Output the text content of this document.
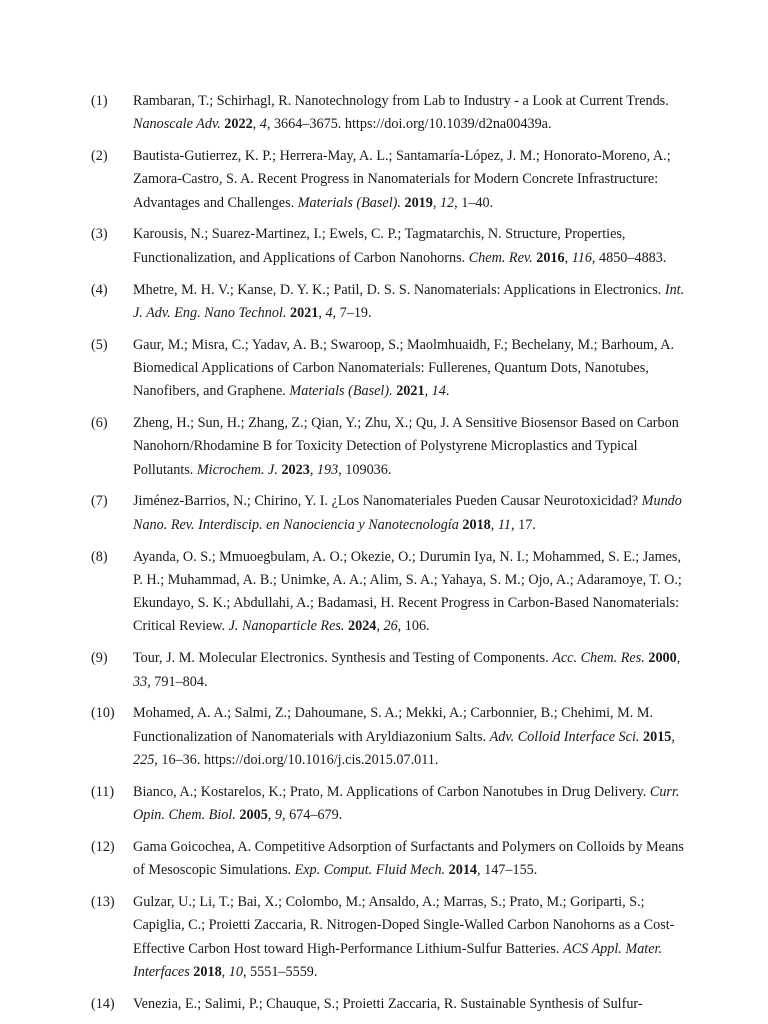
(1)	Rambaran, T.; Schirhagl, R. Nanotechnology from Lab to Industry - a Look at Current Trends. Nanoscale Adv. 2022, 4, 3664–3675. https://doi.org/10.1039/d2na00439a.
(2)	Bautista-Gutierrez, K. P.; Herrera-May, A. L.; Santamaría-López, J. M.; Honorato-Moreno, A.; Zamora-Castro, S. A. Recent Progress in Nanomaterials for Modern Concrete Infrastructure: Advantages and Challenges. Materials (Basel). 2019, 12, 1–40.
(3)	Karousis, N.; Suarez-Martinez, I.; Ewels, C. P.; Tagmatarchis, N. Structure, Properties, Functionalization, and Applications of Carbon Nanohorns. Chem. Rev. 2016, 116, 4850–4883.
(4)	Mhetre, M. H. V.; Kanse, D. Y. K.; Patil, D. S. S. Nanomaterials: Applications in Electronics. Int. J. Adv. Eng. Nano Technol. 2021, 4, 7–19.
(5)	Gaur, M.; Misra, C.; Yadav, A. B.; Swaroop, S.; Maolmhuaidh, F.; Bechelany, M.; Barhoum, A. Biomedical Applications of Carbon Nanomaterials: Fullerenes, Quantum Dots, Nanotubes, Nanofibers, and Graphene. Materials (Basel). 2021, 14.
(6)	Zheng, H.; Sun, H.; Zhang, Z.; Qian, Y.; Zhu, X.; Qu, J. A Sensitive Biosensor Based on Carbon Nanohorn/Rhodamine B for Toxicity Detection of Polystyrene Microplastics and Typical Pollutants. Microchem. J. 2023, 193, 109036.
(7)	Jiménez-Barrios, N.; Chirino, Y. I. ¿Los Nanomateriales Pueden Causar Neurotoxicidad? Mundo Nano. Rev. Interdiscip. en Nanociencia y Nanotecnología 2018, 11, 17.
(8)	Ayanda, O. S.; Mmuoegbulam, A. O.; Okezie, O.; Durumin Iya, N. I.; Mohammed, S. E.; James, P. H.; Muhammad, A. B.; Unimke, A. A.; Alim, S. A.; Yahaya, S. M.; Ojo, A.; Adaramoye, T. O.; Ekundayo, S. K.; Abdullahi, A.; Badamasi, H. Recent Progress in Carbon-Based Nanomaterials: Critical Review. J. Nanoparticle Res. 2024, 26, 106.
(9)	Tour, J. M. Molecular Electronics. Synthesis and Testing of Components. Acc. Chem. Res. 2000, 33, 791–804.
(10)	Mohamed, A. A.; Salmi, Z.; Dahoumane, S. A.; Mekki, A.; Carbonnier, B.; Chehimi, M. M. Functionalization of Nanomaterials with Aryldiazonium Salts. Adv. Colloid Interface Sci. 2015, 225, 16–36. https://doi.org/10.1016/j.cis.2015.07.011.
(11)	Bianco, A.; Kostarelos, K.; Prato, M. Applications of Carbon Nanotubes in Drug Delivery. Curr. Opin. Chem. Biol. 2005, 9, 674–679.
(12)	Gama Goicochea, A. Competitive Adsorption of Surfactants and Polymers on Colloids by Means of Mesoscopic Simulations. Exp. Comput. Fluid Mech. 2014, 147–155.
(13)	Gulzar, U.; Li, T.; Bai, X.; Colombo, M.; Ansaldo, A.; Marras, S.; Prato, M.; Goriparti, S.; Capiglia, C.; Proietti Zaccaria, R. Nitrogen-Doped Single-Walled Carbon Nanohorns as a Cost-Effective Carbon Host toward High-Performance Lithium-Sulfur Batteries. ACS Appl. Mater. Interfaces 2018, 10, 5551–5559.
(14)	Venezia, E.; Salimi, P.; Chauque, S.; Proietti Zaccaria, R. Sustainable Synthesis of Sulfur-
